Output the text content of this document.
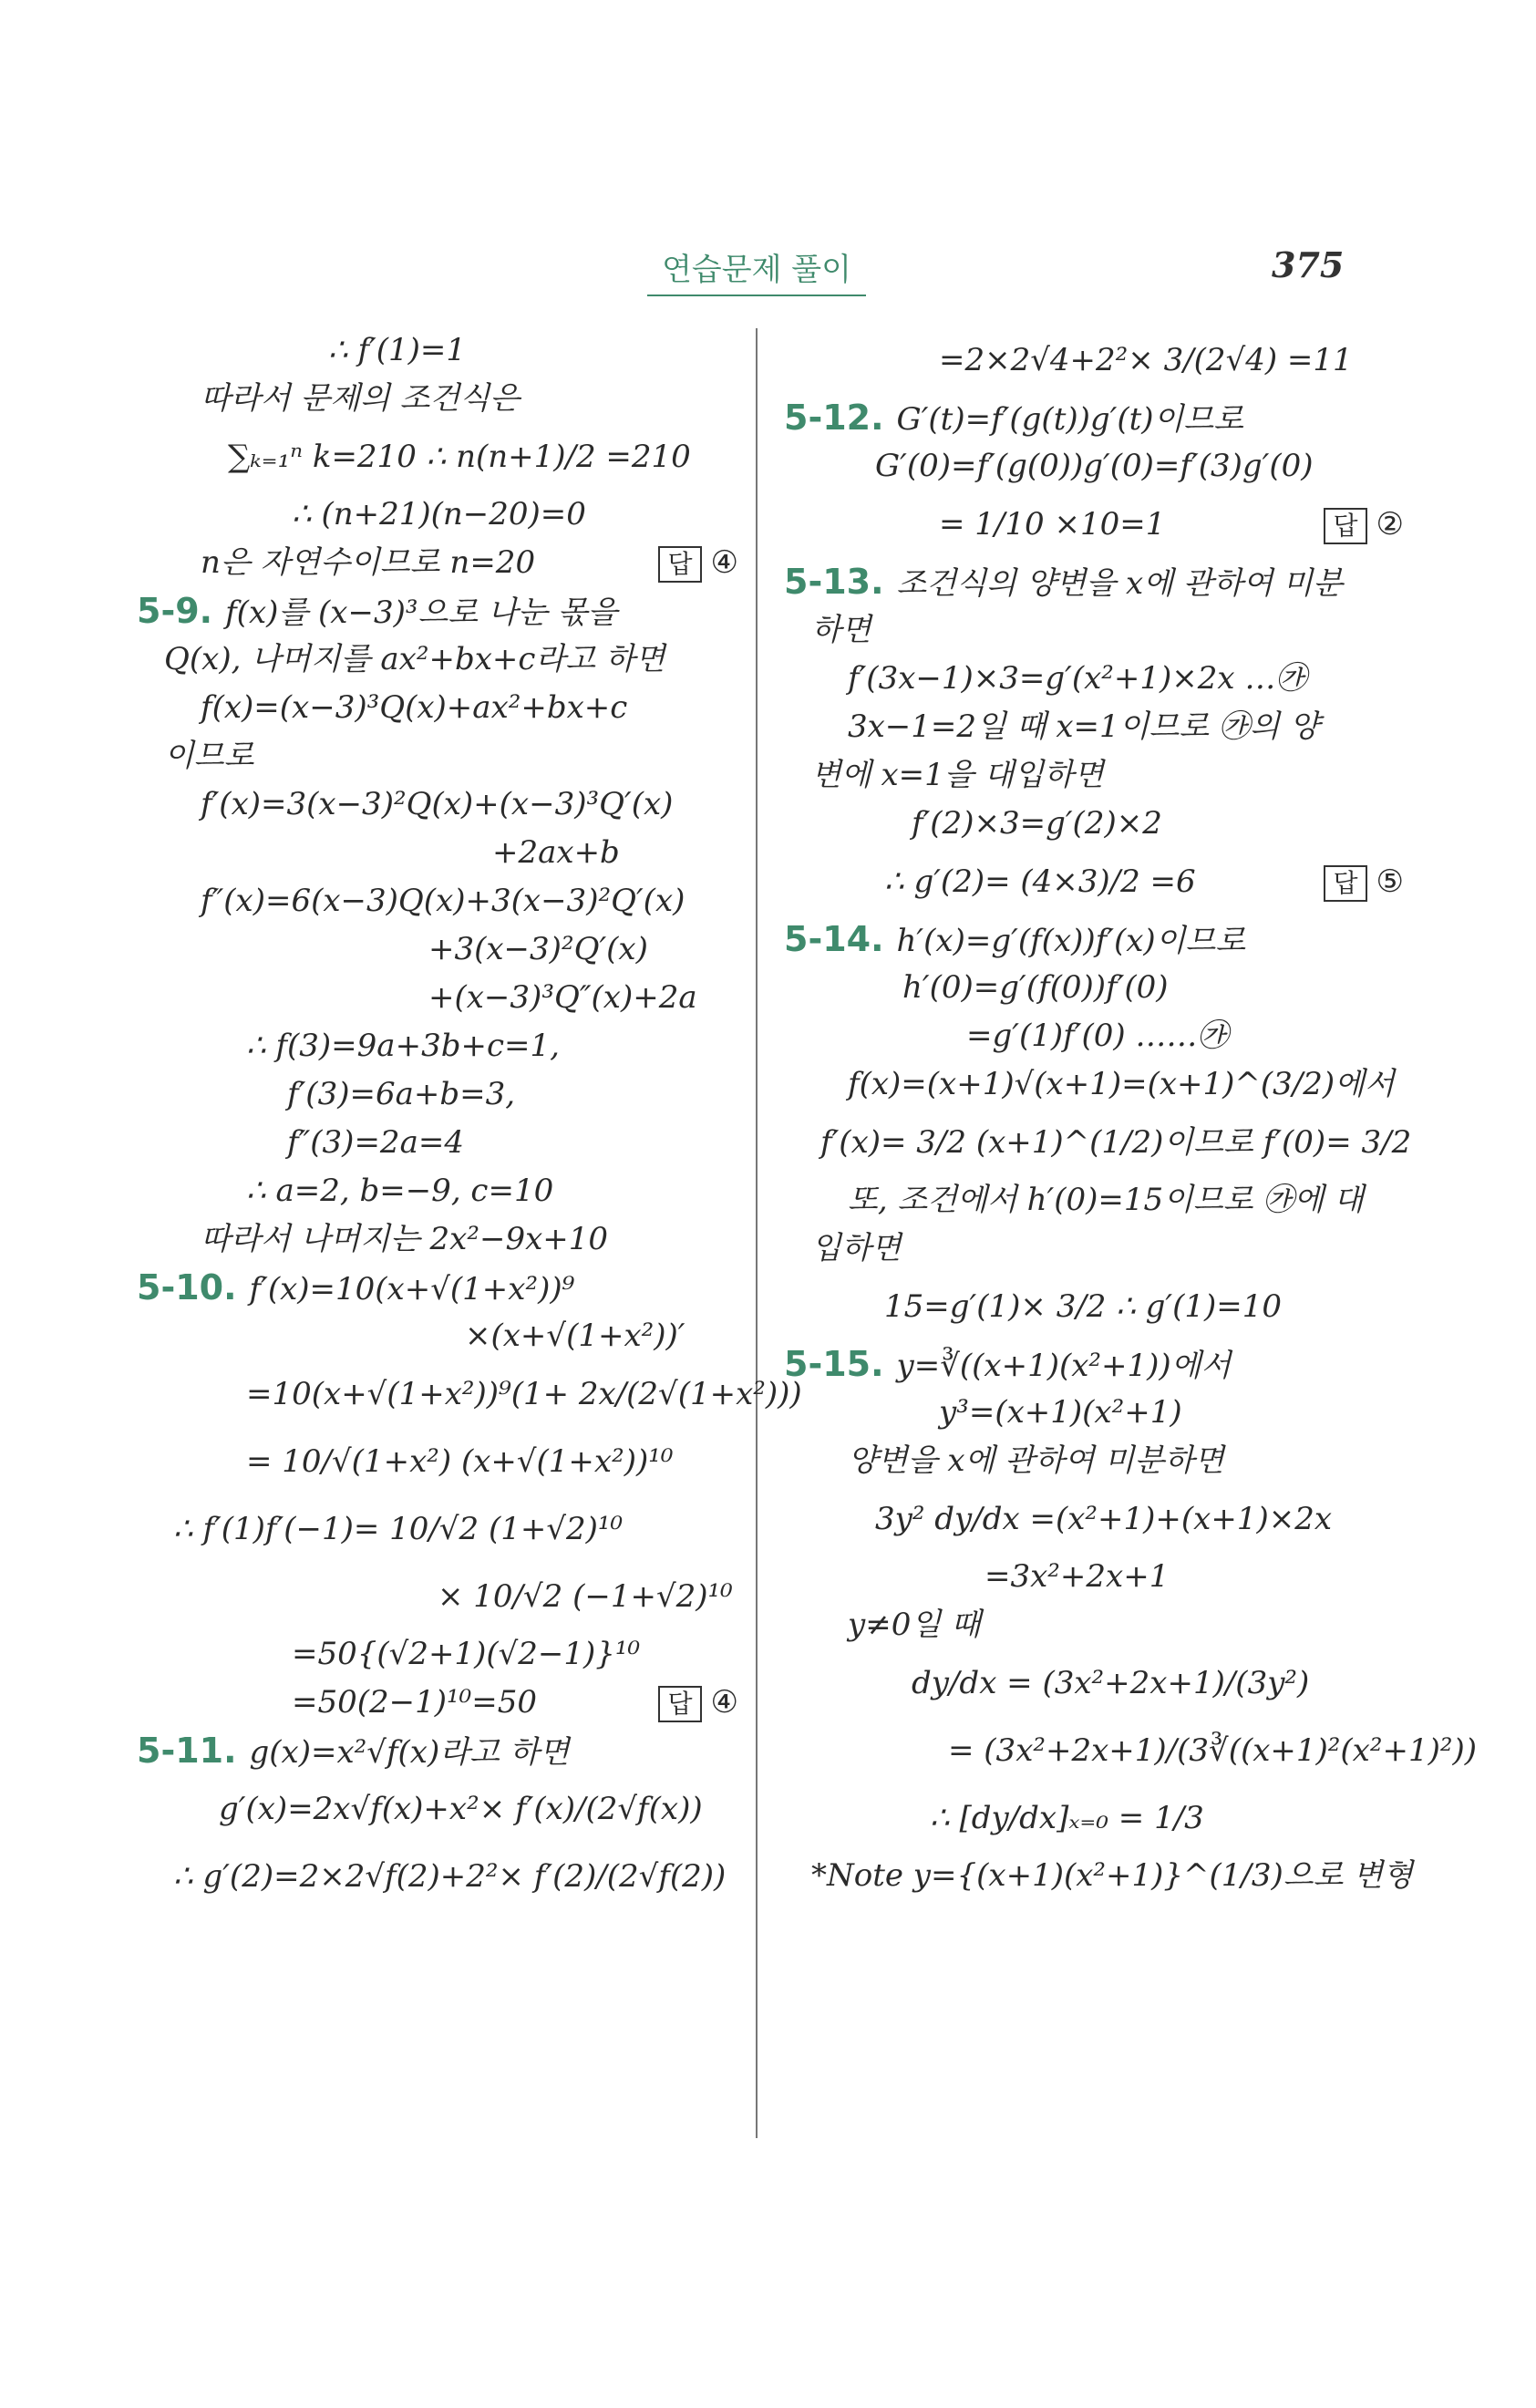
연습문제 풀이	375
∴ f′(1)=1
따라서 문제의 조건식은
∑ₖ₌₁ⁿ k=210 ∴ n(n+1)/2 =210
∴ (n+21)(n−20)=0
n은 자연수이므로 n=20	답 ④
5-9. f(x)를 (x−3)³으로 나눈 몫을
Q(x), 나머지를 ax²+bx+c라고 하면
f(x)=(x−3)³Q(x)+ax²+bx+c
이므로
f′(x)=3(x−3)²Q(x)+(x−3)³Q′(x)
+2ax+b
f″(x)=6(x−3)Q(x)+3(x−3)²Q′(x)
+3(x−3)²Q′(x)
+(x−3)³Q″(x)+2a
∴ f(3)=9a+3b+c=1,
f′(3)=6a+b=3,
f″(3)=2a=4
∴ a=2, b=−9, c=10
따라서 나머지는 2x²−9x+10
5-10. f′(x)=10(x+√(1+x²))⁹
×(x+√(1+x²))′
=10(x+√(1+x²))⁹(1+ 2x/(2√(1+x²)))
= 10/√(1+x²) (x+√(1+x²))¹⁰
∴ f′(1)f′(−1)= 10/√2 (1+√2)¹⁰
× 10/√2 (−1+√2)¹⁰
=50{(√2+1)(√2−1)}¹⁰
=50(2−1)¹⁰=50	답 ④
5-11. g(x)=x²√f(x)라고 하면
g′(x)=2x√f(x)+x²× f′(x)/(2√f(x))
∴ g′(2)=2×2√f(2)+2²× f′(2)/(2√f(2))
=2×2√4+2²× 3/(2√4) =11
5-12. G′(t)=f′(g(t))g′(t)이므로
G′(0)=f′(g(0))g′(0)=f′(3)g′(0)
= 1/10 ×10=1	답 ②
5-13. 조건식의 양변을 x에 관하여 미분
하면
f′(3x−1)×3=g′(x²+1)×2x …㉮
3x−1=2일 때 x=1이므로 ㉮의 양
변에 x=1을 대입하면
f′(2)×3=g′(2)×2
∴ g′(2)= (4×3)/2 =6	답 ⑤
5-14. h′(x)=g′(f(x))f′(x)이므로
h′(0)=g′(f(0))f′(0)
=g′(1)f′(0) ……㉮
f(x)=(x+1)√(x+1)=(x+1)^(3/2)에서
f′(x)= 3/2 (x+1)^(1/2)이므로 f′(0)= 3/2
또, 조건에서 h′(0)=15이므로 ㉮에 대
입하면
15=g′(1)× 3/2 ∴ g′(1)=10
5-15. y=∛((x+1)(x²+1))에서
y³=(x+1)(x²+1)
양변을 x에 관하여 미분하면
3y² dy/dx =(x²+1)+(x+1)×2x
=3x²+2x+1
y≠0일 때
dy/dx = (3x²+2x+1)/(3y²)
= (3x²+2x+1)/(3∛((x+1)²(x²+1)²))
∴ [dy/dx]ₓ₌₀ = 1/3
*Note y={(x+1)(x²+1)}^(1/3)으로 변형
